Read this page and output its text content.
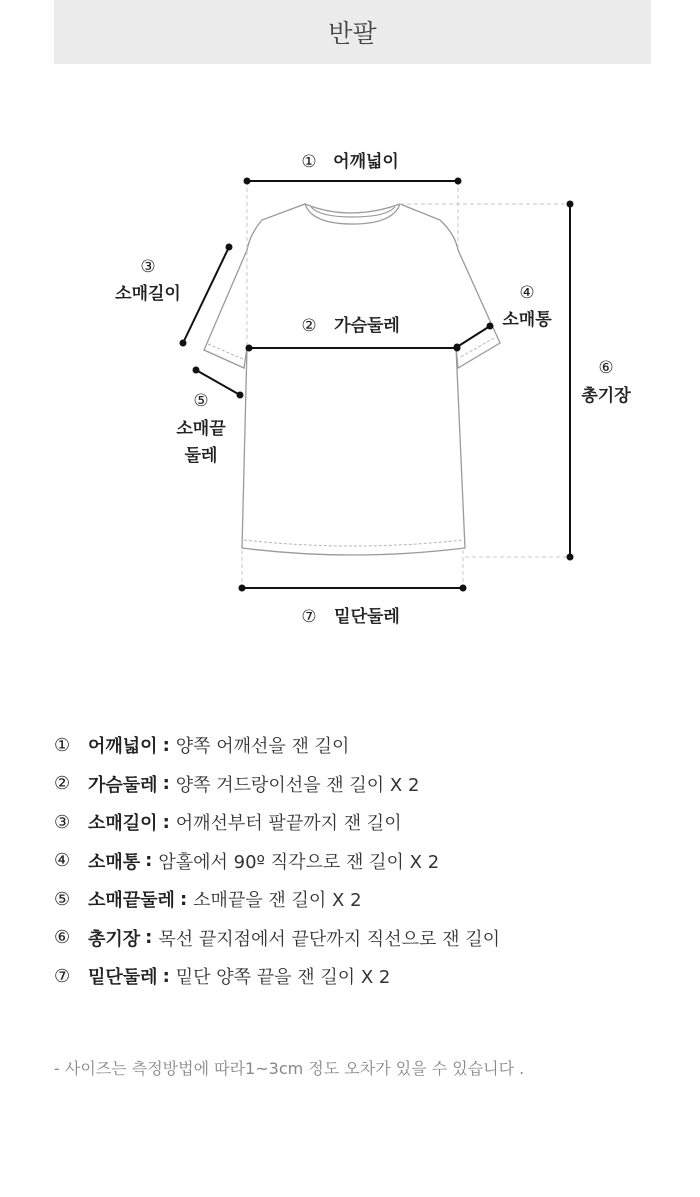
반팔
① 어깨넓이
② 가슴둘레
③
소매길이	④
소매통
⑤
소매끝
둘레
⑥
총기장
⑦ 밑단둘레
① 어깨넓이 : 양쪽 어깨선을 잰 길이
② 가슴둘레 : 양쪽 겨드랑이선을 잰 길이 X 2
③ 소매길이 : 어깨선부터 팔끝까지 잰 길이
④ 소매통 : 암홀에서 90º 직각으로 잰 길이 X 2
⑤ 소매끝둘레 : 소매끝을 잰 길이 X 2
⑥ 총기장 : 목선 끝지점에서 끝단까지 직선으로 잰 길이
⑦ 밑단둘레 : 밑단 양쪽 끝을 잰 길이 X 2
- 사이즈는 측정방법에 따라1~3cm 정도 오차가 있을 수 있습니다 .
